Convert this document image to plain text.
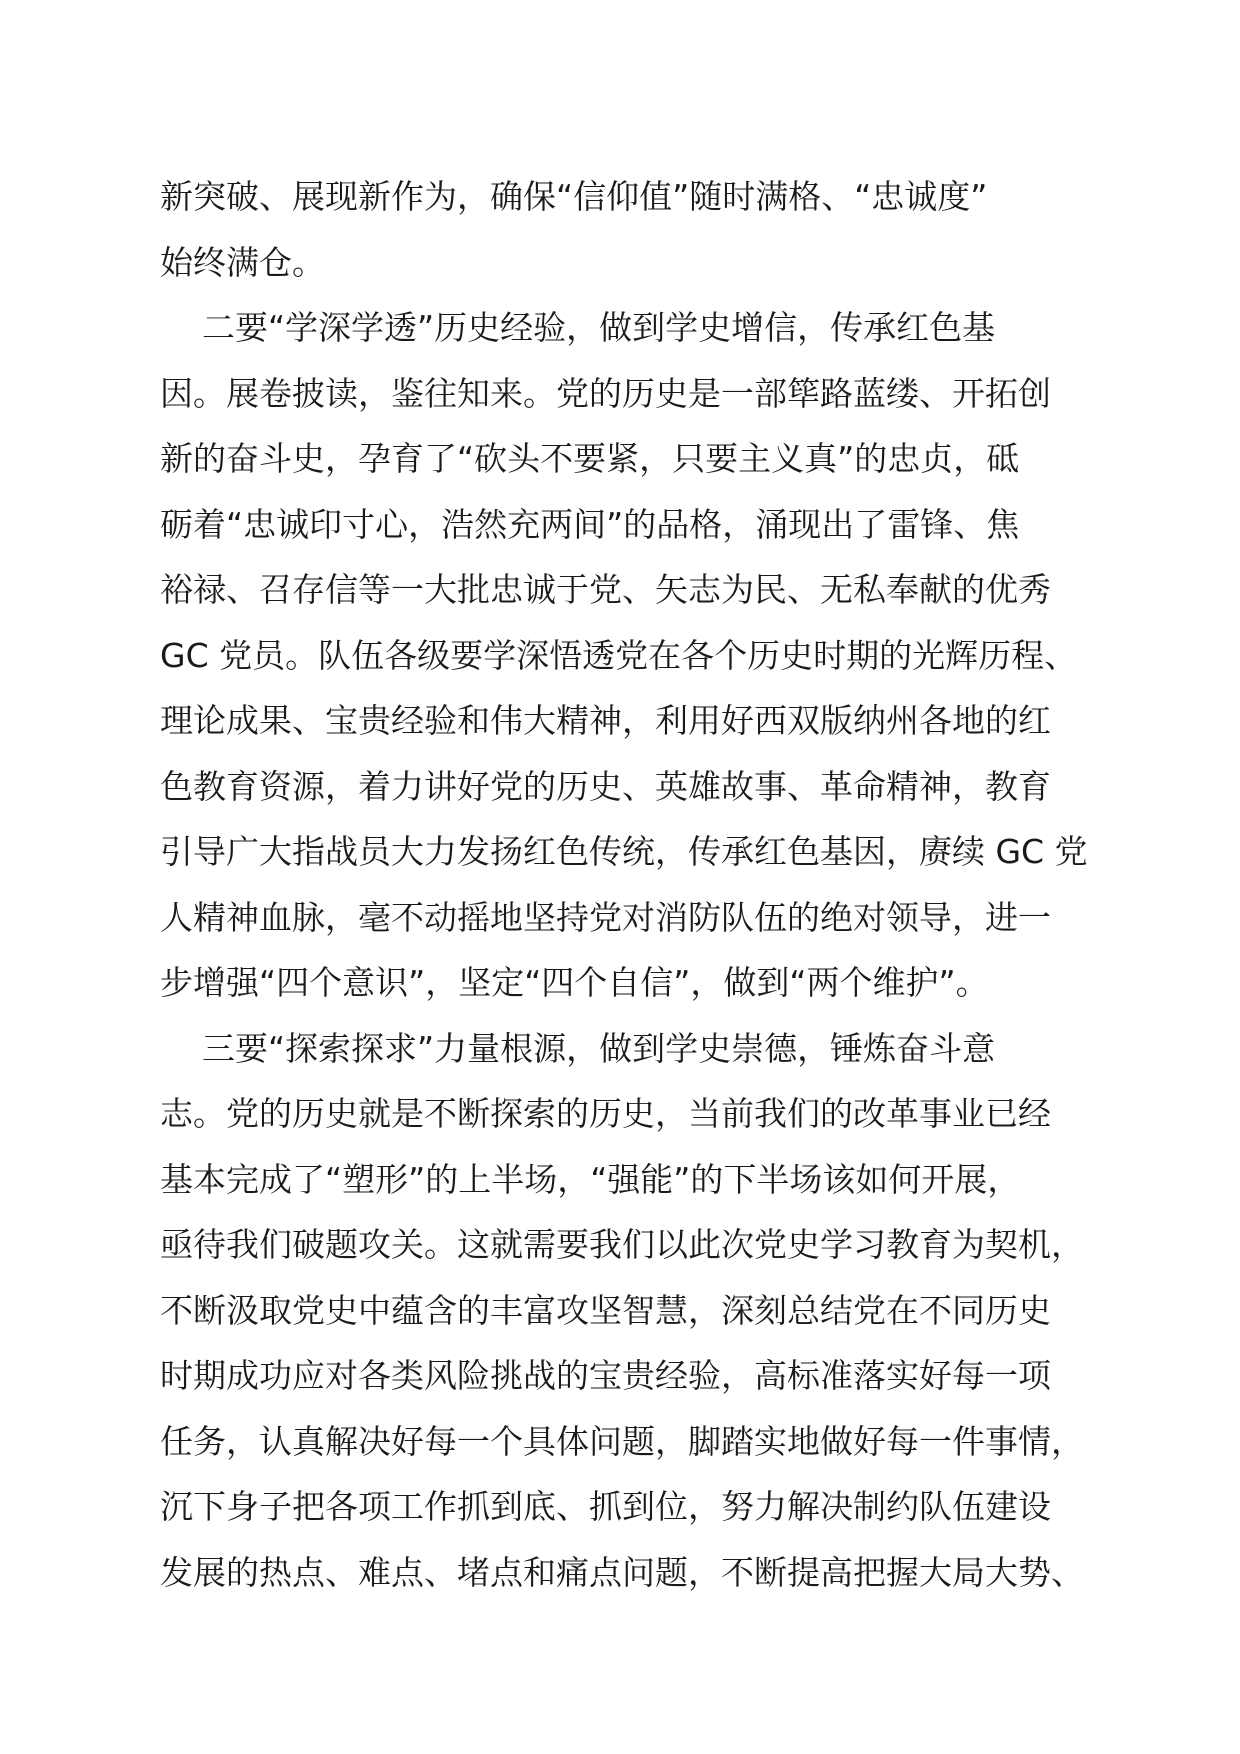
新突破、展现新作为，确保“信仰值”随时满格、“忠诚度”
始终满仓。
二要“学深学透”历史经验，做到学史增信，传承红色基
因。展卷披读，鉴往知来。党的历史是一部筚路蓝缕、开拓创
新的奋斗史，孕育了“砍头不要紧，只要主义真”的忠贞，砥
砺着“忠诚印寸心，浩然充两间”的品格，涌现出了雷锋、焦
裕禄、召存信等一大批忠诚于党、矢志为民、无私奉献的优秀
GC 党员。队伍各级要学深悟透党在各个历史时期的光辉历程、
理论成果、宝贵经验和伟大精神，利用好西双版纳州各地的红
色教育资源，着力讲好党的历史、英雄故事、革命精神，教育
引导广大指战员大力发扬红色传统，传承红色基因，赓续 GC 党
人精神血脉，毫不动摇地坚持党对消防队伍的绝对领导，进一
步增强“四个意识”，坚定“四个自信”，做到“两个维护”。
三要“探索探求”力量根源，做到学史崇德，锤炼奋斗意
志。党的历史就是不断探索的历史，当前我们的改革事业已经
基本完成了“塑形”的上半场，“强能”的下半场该如何开展，
亟待我们破题攻关。这就需要我们以此次党史学习教育为契机，
不断汲取党史中蕴含的丰富攻坚智慧，深刻总结党在不同历史
时期成功应对各类风险挑战的宝贵经验，高标准落实好每一项
任务，认真解决好每一个具体问题，脚踏实地做好每一件事情，
沉下身子把各项工作抓到底、抓到位，努力解决制约队伍建设
发展的热点、难点、堵点和痛点问题，不断提高把握大局大势、
